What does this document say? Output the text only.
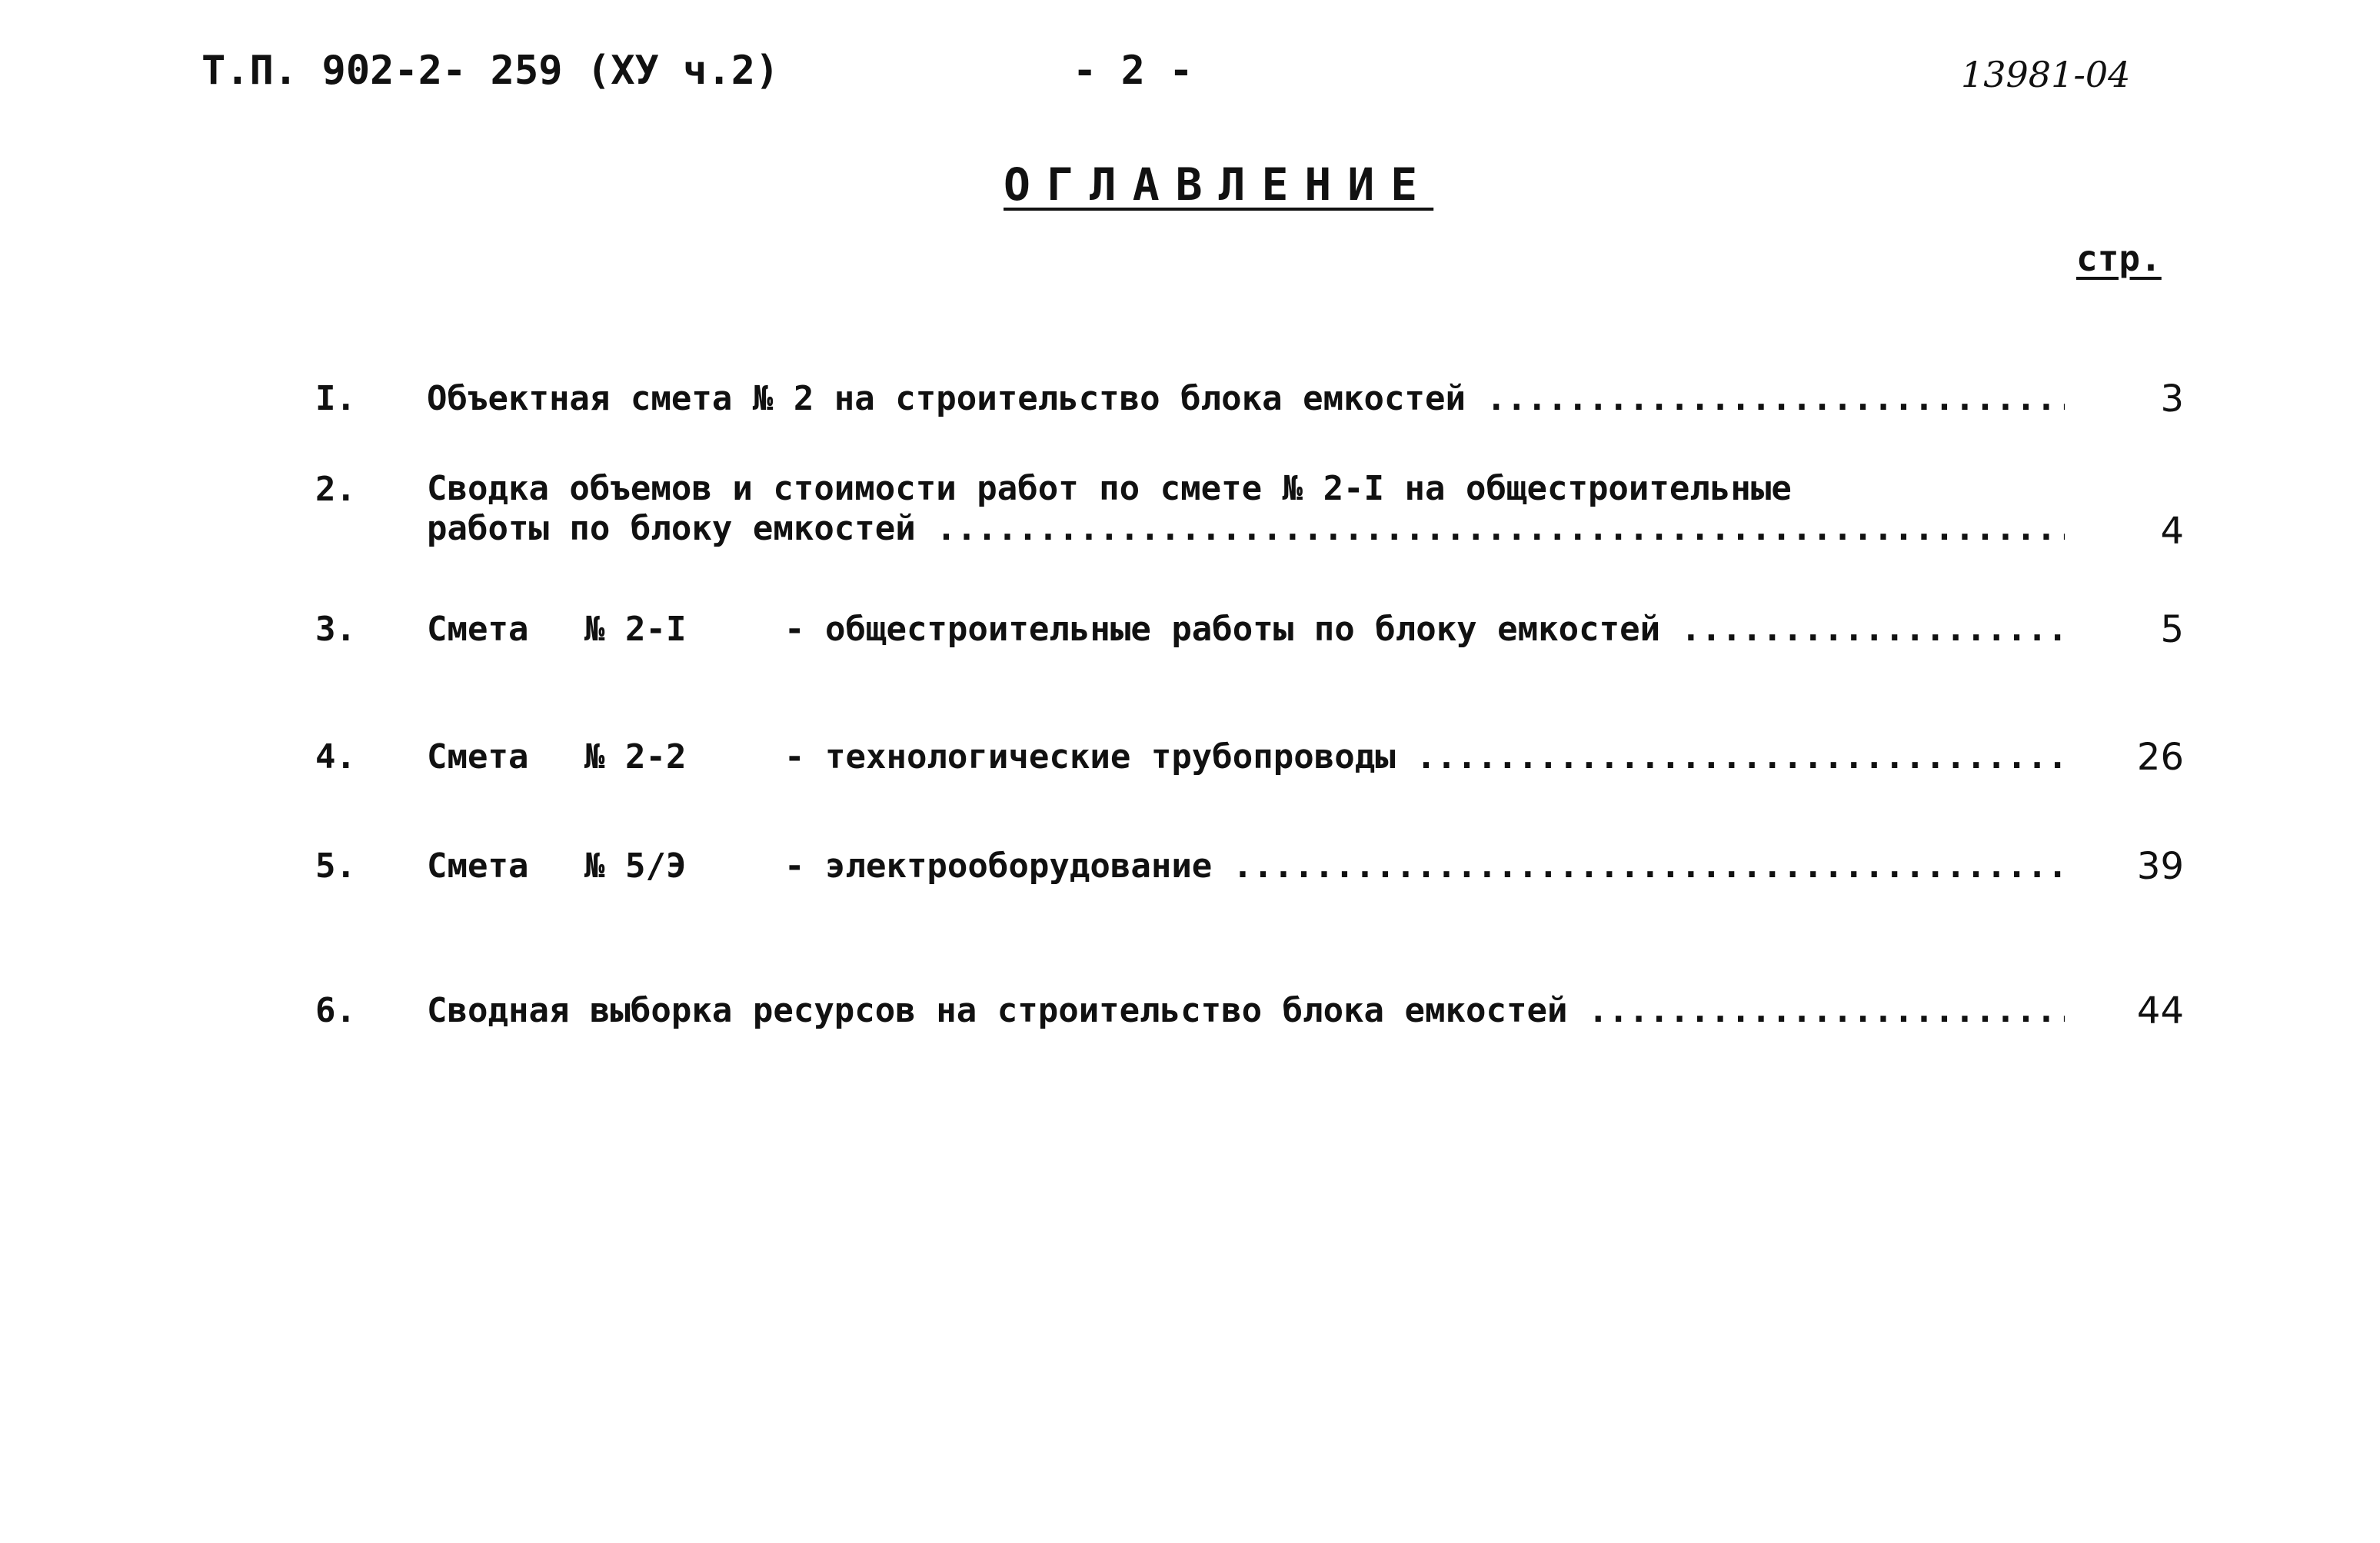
Т.П. 902-2- 259 (ХУ ч.2)	- 2 -	13981-04
ОГЛАВЛЕНИЕ
стр.
I. Объектная смета № 2 на строительство блока емкостей .....	3
2. Сводка объемов и стоимости работ по смете № 2-I на общестроительные
работы по блоку емкостей .....	4
3. Смета № 2-I	- общестроительные работы по блоку емкостей .....	5
4. Смета № 2-2	- технологические трубопроводы .....	26
5. Смета № 5/Э	- электрооборудование .....	39
6. Сводная выборка ресурсов на строительство блока емкостей .....	44
